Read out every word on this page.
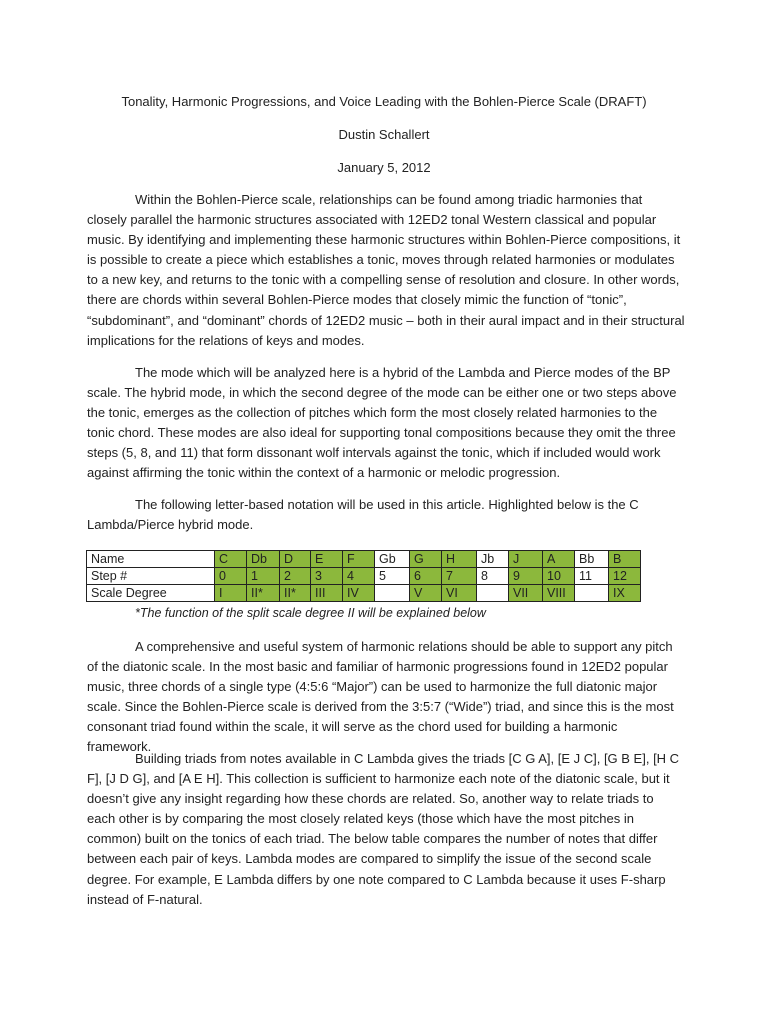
Tonality, Harmonic Progressions, and Voice Leading with the Bohlen-Pierce Scale (DRAFT)
Dustin Schallert
January 5, 2012

Within the Bohlen-Pierce scale, relationships can be found among triadic harmonies that closely parallel the harmonic structures associated with 12ED2 tonal Western classical and popular music. By identifying and implementing these harmonic structures within Bohlen-Pierce compositions, it is possible to create a piece which establishes a tonic, moves through related harmonies or modulates to a new key, and returns to the tonic with a compelling sense of resolution and closure. In other words, there are chords within several Bohlen-Pierce modes that closely mimic the function of “tonic”, “subdominant”, and “dominant” chords of 12ED2 music – both in their aural impact and in their structural implications for the relations of keys and modes.

The mode which will be analyzed here is a hybrid of the Lambda and Pierce modes of the BP scale. The hybrid mode, in which the second degree of the mode can be either one or two steps above the tonic, emerges as the collection of pitches which form the most closely related harmonies to the tonic chord. These modes are also ideal for supporting tonal compositions because they omit the three steps (5, 8, and 11) that form dissonant wolf intervals against the tonic, which if included would work against affirming the tonic within the context of a harmonic or melodic progression.

The following letter-based notation will be used in this article. Highlighted below is the C Lambda/Pierce hybrid mode.

Name	C	Db	D	E	F	Gb	G	H	Jb	J	A	Bb	B
Step #	0	1	2	3	4	5	6	7	8	9	10	11	12
Scale Degree	I	II*	II*	III	IV		V	VI		VII	VIII		IX
*The function of the split scale degree II will be explained below

A comprehensive and useful system of harmonic relations should be able to support any pitch of the diatonic scale. In the most basic and familiar of harmonic progressions found in 12ED2 popular music, three chords of a single type (4:5:6 “Major”) can be used to harmonize the full diatonic major scale. Since the Bohlen-Pierce scale is derived from the 3:5:7 (“Wide”) triad, and since this is the most consonant triad found within the scale, it will serve as the chord used for building a harmonic framework.

Building triads from notes available in C Lambda gives the triads [C G A], [E J C], [G B E], [H C F], [J D G], and [A E H]. This collection is sufficient to harmonize each note of the diatonic scale, but it doesn’t give any insight regarding how these chords are related. So, another way to relate triads to each other is by comparing the most closely related keys (those which have the most pitches in common) built on the tonics of each triad. The below table compares the number of notes that differ between each pair of keys. Lambda modes are compared to simplify the issue of the second scale degree. For example, E Lambda differs by one note compared to C Lambda because it uses F-sharp instead of F-natural.
